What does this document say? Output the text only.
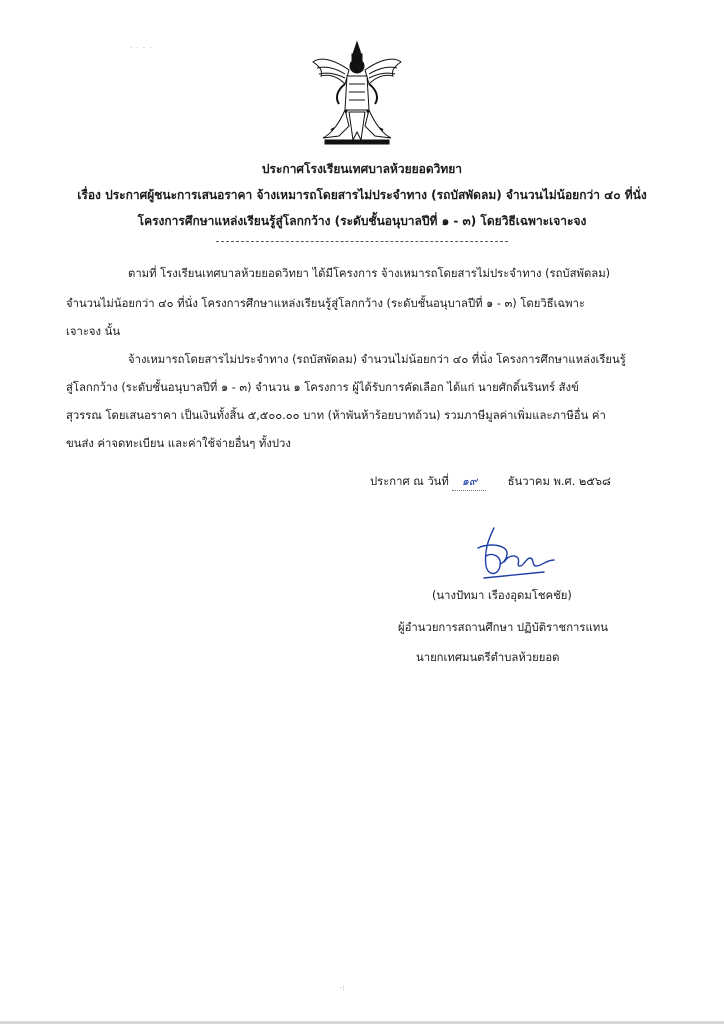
· · · ·
ประกาศโรงเรียนเทศบาลห้วยยอดวิทยา
เรื่อง ประกาศผู้ชนะการเสนอราคา จ้างเหมารถโดยสารไม่ประจำทาง (รถบัสพัดลม) จำนวนไม่น้อยกว่า ๔๐ ที่นั่ง
โครงการศึกษาแหล่งเรียนรู้สู่โลกกว้าง (ระดับชั้นอนุบาลปีที่ ๑ - ๓) โดยวิธีเฉพาะเจาะจง
ตามที่ โรงเรียนเทศบาลห้วยยอดวิทยา ได้มีโครงการ จ้างเหมารถโดยสารไม่ประจำทาง (รถบัสพัดลม)
จำนวนไม่น้อยกว่า ๔๐ ที่นั่ง โครงการศึกษาแหล่งเรียนรู้สู่โลกกว้าง (ระดับชั้นอนุบาลปีที่ ๑ - ๓) โดยวิธีเฉพาะ
เจาะจง นั้น
จ้างเหมารถโดยสารไม่ประจำทาง (รถบัสพัดลม) จำนวนไม่น้อยกว่า ๔๐ ที่นั่ง โครงการศึกษาแหล่งเรียนรู้
สู่โลกกว้าง (ระดับชั้นอนุบาลปีที่ ๑ - ๓) จำนวน ๑ โครงการ ผู้ได้รับการคัดเลือก ได้แก่ นายศักดิ์นรินทร์ สังข์
สุวรรณ โดยเสนอราคา เป็นเงินทั้งสิ้น ๕,๕๐๐.๐๐ บาท (ห้าพันห้าร้อยบาทถ้วน) รวมภาษีมูลค่าเพิ่มและภาษีอื่น ค่า
ขนส่ง ค่าจดทะเบียน และค่าใช้จ่ายอื่นๆ ทั้งปวง
ประกาศ ณ วันที่ ๑๙	ธันวาคม พ.ศ. ๒๕๖๘
(นางปัทมา เรืองอุดมโชคชัย)
ผู้อำนวยการสถานศึกษา ปฏิบัติราชการแทน
นายกเทศมนตรีตำบลห้วยยอด
·:
